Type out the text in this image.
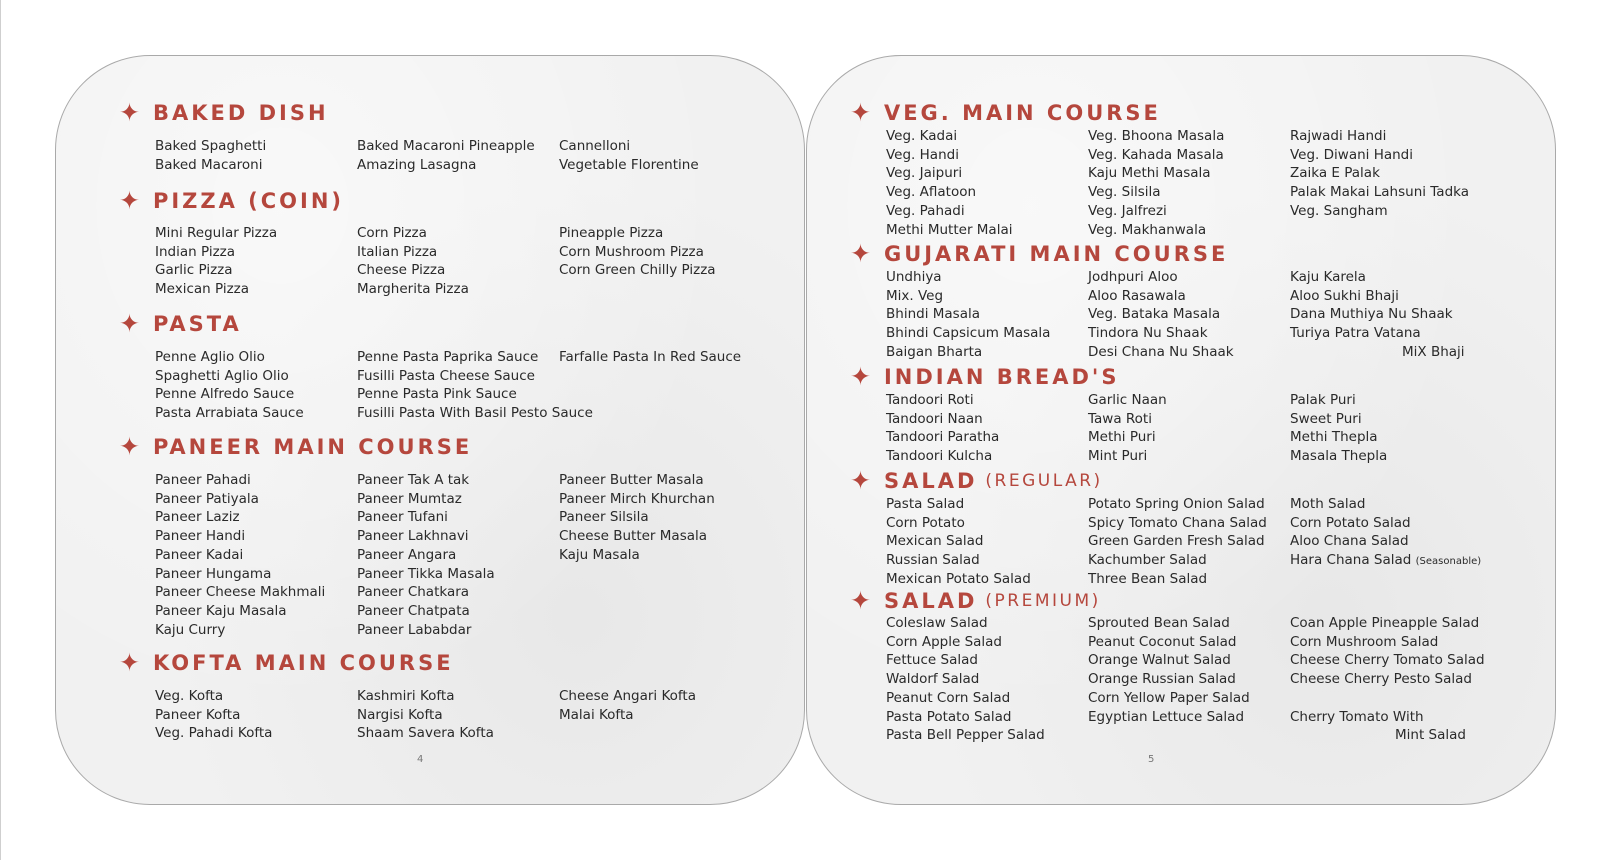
✦ BAKED DISH
Baked Spaghetti
Baked Macaroni
Baked Macaroni Pineapple
Amazing Lasagna
Cannelloni
Vegetable Florentine
✦ PIZZA (COIN)
Mini Regular Pizza
Indian Pizza
Garlic Pizza
Mexican Pizza
Corn Pizza
Italian Pizza
Cheese Pizza
Margherita Pizza
Pineapple Pizza
Corn Mushroom Pizza
Corn Green Chilly Pizza
✦ PASTA
Penne Aglio Olio
Spaghetti Aglio Olio
Penne Alfredo Sauce
Pasta Arrabiata Sauce
Penne Pasta Paprika Sauce
Fusilli Pasta Cheese Sauce
Penne Pasta Pink Sauce
Fusilli Pasta With Basil Pesto Sauce
Farfalle Pasta In Red Sauce
✦ PANEER MAIN COURSE
Paneer Pahadi
Paneer Patiyala
Paneer Laziz
Paneer Handi
Paneer Kadai
Paneer Hungama
Paneer Cheese Makhmali
Paneer Kaju Masala
Kaju Curry
Paneer Tak A tak
Paneer Mumtaz
Paneer Tufani
Paneer Lakhnavi
Paneer Angara
Paneer Tikka Masala
Paneer Chatkara
Paneer Chatpata
Paneer Lababdar
Paneer Butter Masala
Paneer Mirch Khurchan
Paneer Silsila
Cheese Butter Masala
Kaju Masala
✦ KOFTA MAIN COURSE
Veg. Kofta
Paneer Kofta
Veg. Pahadi Kofta
Kashmiri Kofta
Nargisi Kofta
Shaam Savera Kofta
Cheese Angari Kofta
Malai Kofta
4
✦ VEG. MAIN COURSE
Veg. Kadai
Veg. Handi
Veg. Jaipuri
Veg. Aflatoon
Veg. Pahadi
Methi Mutter Malai
Veg. Bhoona Masala
Veg. Kahada Masala
Kaju Methi Masala
Veg. Silsila
Veg. Jalfrezi
Veg. Makhanwala
Rajwadi Handi
Veg. Diwani Handi
Zaika E Palak
Palak Makai Lahsuni Tadka
Veg. Sangham
✦ GUJARATI MAIN COURSE
Undhiya
Mix. Veg
Bhindi Masala
Bhindi Capsicum Masala
Baigan Bharta
Jodhpuri Aloo
Aloo Rasawala
Veg. Bataka Masala
Tindora Nu Shaak
Desi Chana Nu Shaak
Kaju Karela
Aloo Sukhi Bhaji
Dana Muthiya Nu Shaak
Turiya Patra Vatana
MiX Bhaji
✦ INDIAN BREAD'S
Tandoori Roti
Tandoori Naan
Tandoori Paratha
Tandoori Kulcha
Garlic Naan
Tawa Roti
Methi Puri
Mint Puri
Palak Puri
Sweet Puri
Methi Thepla
Masala Thepla
✦ SALAD (REGULAR)
Pasta Salad
Corn Potato
Mexican Salad
Russian Salad
Mexican Potato Salad
Potato Spring Onion Salad
Spicy Tomato Chana Salad
Green Garden Fresh Salad
Kachumber Salad
Three Bean Salad
Moth Salad
Corn Potato Salad
Aloo Chana Salad
Hara Chana Salad (Seasonable)
✦ SALAD (PREMIUM)
Coleslaw Salad
Corn Apple Salad
Fettuce Salad
Waldorf Salad
Peanut Corn Salad
Pasta Potato Salad
Pasta Bell Pepper Salad
Sprouted Bean Salad
Peanut Coconut Salad
Orange Walnut Salad
Orange Russian Salad
Corn Yellow Paper Salad
Egyptian Lettuce Salad
Coan Apple Pineapple Salad
Corn Mushroom Salad
Cheese Cherry Tomato Salad
Cheese Cherry Pesto Salad
Cherry Tomato With
Mint Salad
5
